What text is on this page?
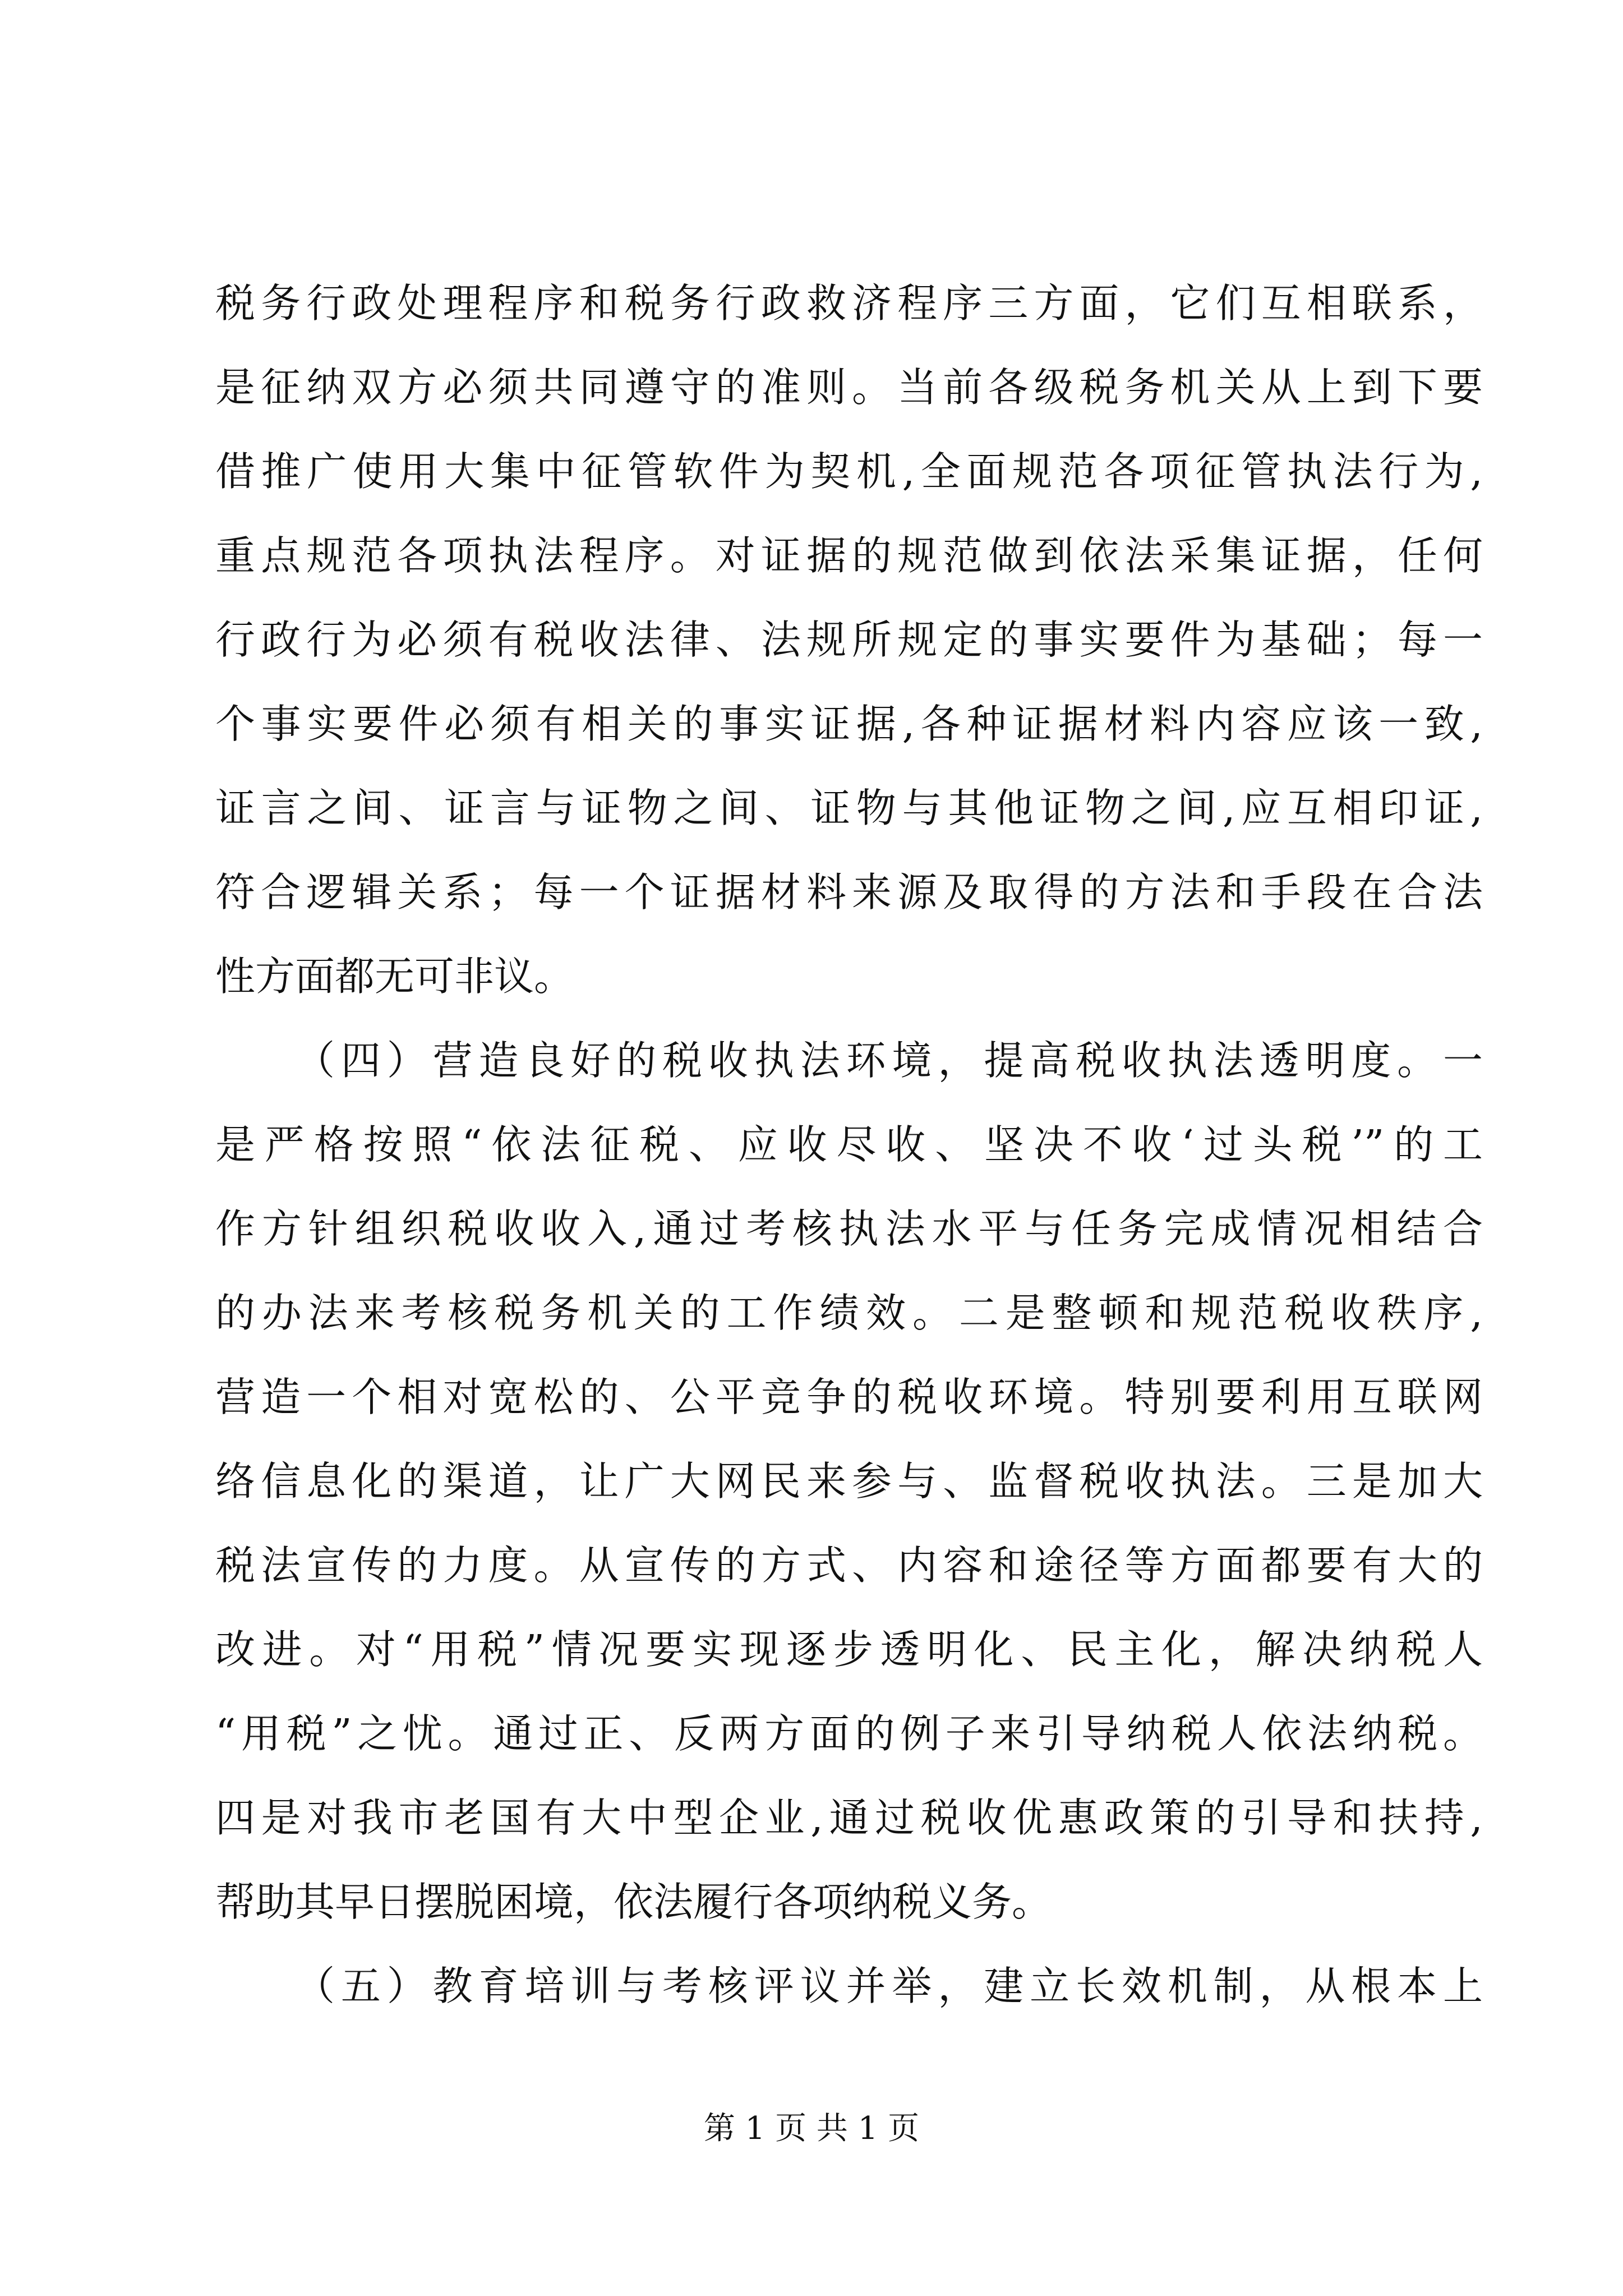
税务行政处理程序和税务行政救济程序三方面，它们互相联系，
是征纳双方必须共同遵守的准则。当前各级税务机关从上到下要
借推广使用大集中征管软件为契机,全面规范各项征管执法行为,
重点规范各项执法程序。对证据的规范做到依法采集证据，任何
行政行为必须有税收法律、法规所规定的事实要件为基础；每一
个事实要件必须有相关的事实证据,各种证据材料内容应该一致,
证言之间、证言与证物之间、证物与其他证物之间,应互相印证,
符合逻辑关系；每一个证据材料来源及取得的方法和手段在合法
性方面都无可非议。
（四）营造良好的税收执法环境，提高税收执法透明度。一
是严格按照“依法征税、应收尽收、坚决不收‘过头税’”的工
作方针组织税收收入,通过考核执法水平与任务完成情况相结合
的办法来考核税务机关的工作绩效。二是整顿和规范税收秩序,
营造一个相对宽松的、公平竞争的税收环境。特别要利用互联网
络信息化的渠道，让广大网民来参与、监督税收执法。三是加大
税法宣传的力度。从宣传的方式、内容和途径等方面都要有大的
改进。对“用税”情况要实现逐步透明化、民主化，解决纳税人
“用税”之忧。通过正、反两方面的例子来引导纳税人依法纳税。
四是对我市老国有大中型企业,通过税收优惠政策的引导和扶持,
帮助其早日摆脱困境，依法履行各项纳税义务。
（五）教育培训与考核评议并举，建立长效机制，从根本上
第 1 页 共 1 页
